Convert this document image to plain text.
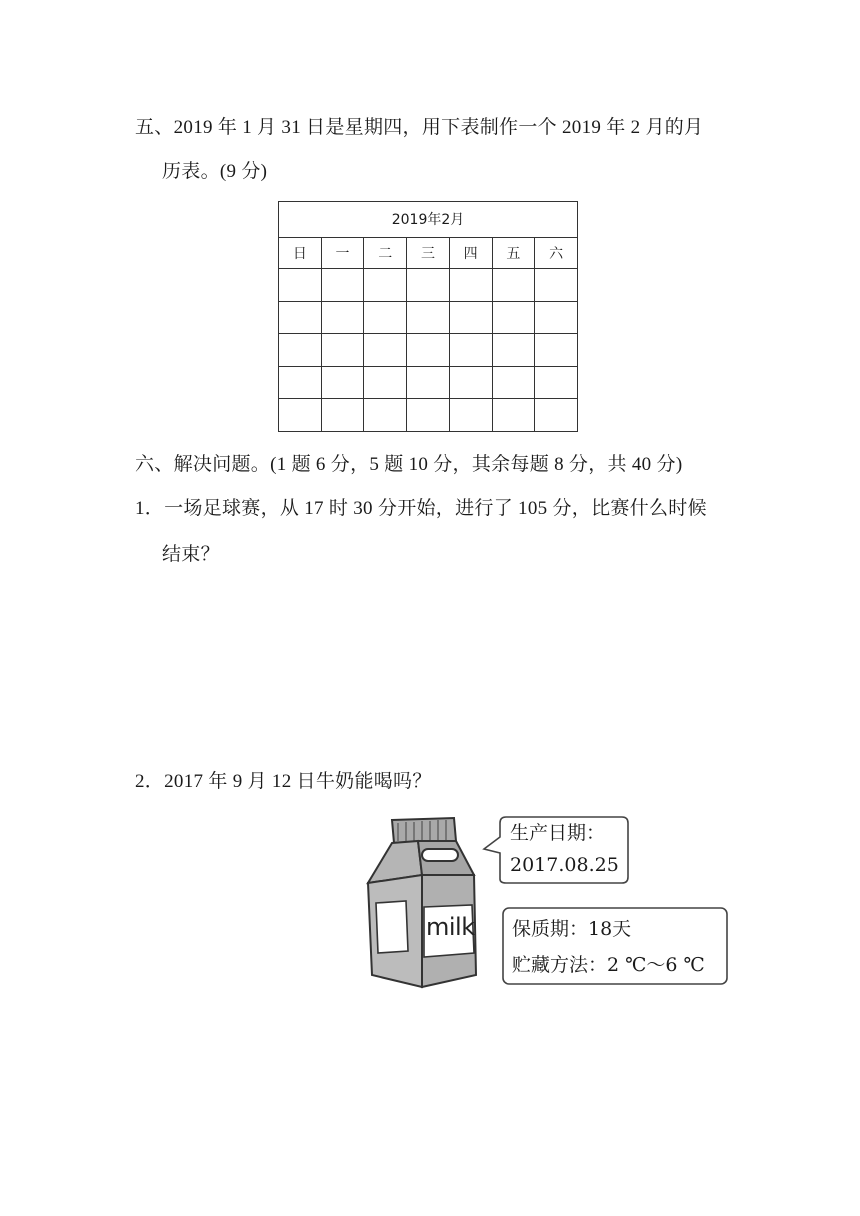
五、2019 年 1 月 31 日是星期四，用下表制作一个 2019 年 2 月的月
历表。(9 分)
2019年2月						
日	一	二	三	四	五	六

六、解决问题。(1 题 6 分，5 题 10 分，其余每题 8 分，共 40 分)
1．一场足球赛，从 17 时 30 分开始，进行了 105 分，比赛什么时候
结束？
2．2017 年 9 月 12 日牛奶能喝吗？
milk
生产日期：
2017.08.25
保质期：18天
贮藏方法：2 ℃～6 ℃
